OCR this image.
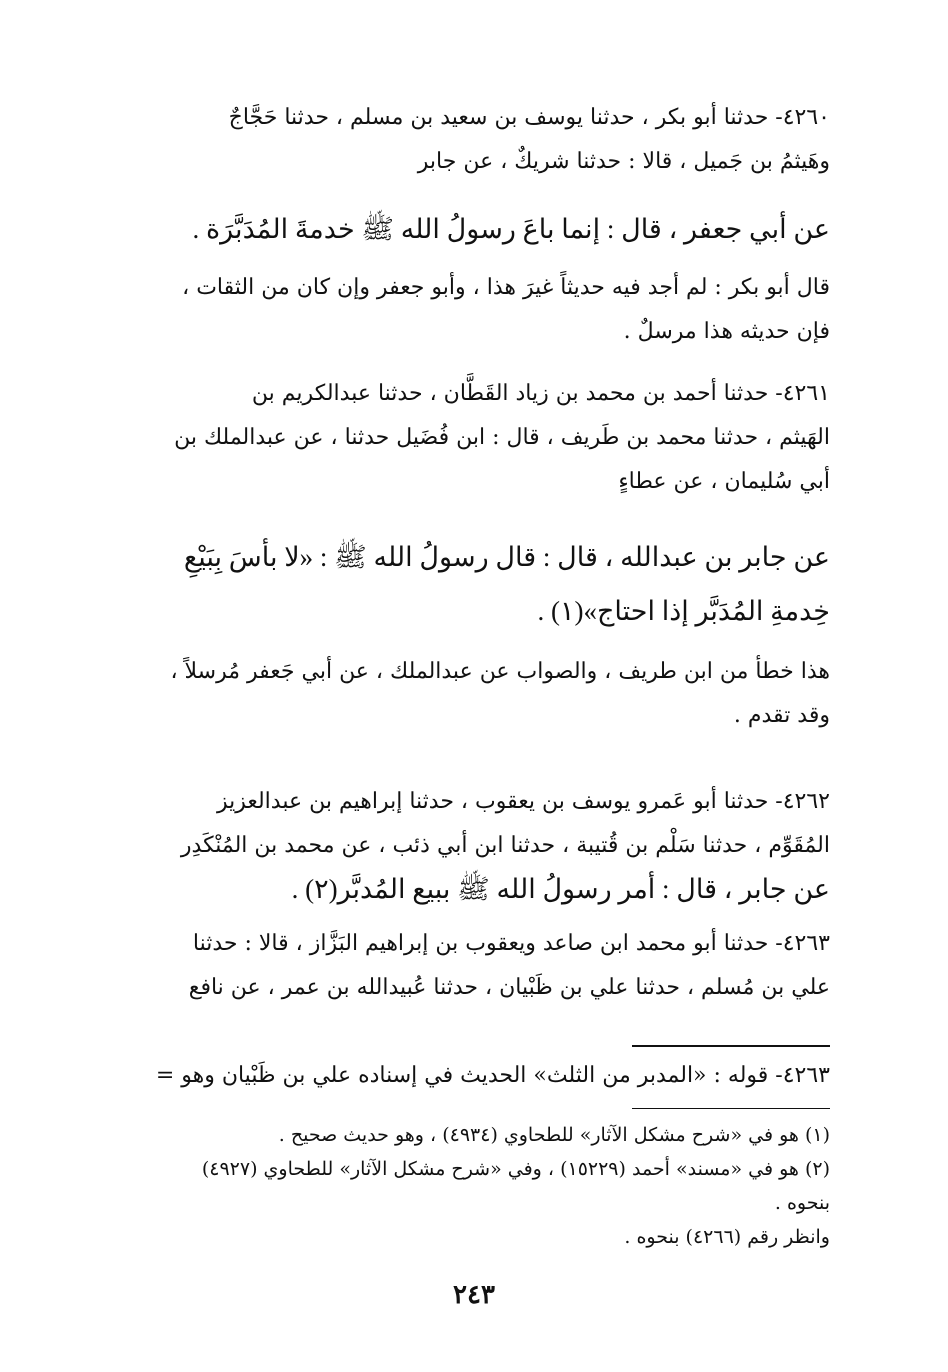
٤٢٦٠- حدثنا أبو بكر ، حدثنا يوسف بن سعيد بن مسلم ، حدثنا حَجَّاجٌ
وهَيثمُ بن جَميل ، قالا : حدثنا شريكٌ ، عن جابر
عن أبي جعفر ، قال : إنما باعَ رسولُ الله ﷺ خدمةَ المُدَبَّرَة .
قال أبو بكر : لم أجد فيه حديثاً غيرَ هذا ، وأبو جعفر وإن كان من الثقات ،
فإن حديثه هذا مرسلٌ .
٤٢٦١- حدثنا أحمد بن محمد بن زياد القَطَّان ، حدثنا عبدالكريم بن
الهَيثم ، حدثنا محمد بن طَريف ، قال : ابن فُضَيل حدثنا ، عن عبدالملك بن
أبي سُليمان ، عن عطاءٍ
عن جابر بن عبدالله ، قال : قال رسولُ الله ﷺ : «لا بأسَ بِبَيْعِ
خِدمةِ المُدَبَّر إذا احتاج»(١) .
هذا خطأ من ابن طريف ، والصواب عن عبدالملك ، عن أبي جَعفر مُرسلاً ،
وقد تقدم .
٤٢٦٢- حدثنا أبو عَمرو يوسف بن يعقوب ، حدثنا إبراهيم بن عبدالعزيز
المُقَوِّم ، حدثنا سَلْم بن قُتيبة ، حدثنا ابن أبي ذئب ، عن محمد بن المُنْكَدِر
عن جابر ، قال : أمر رسولُ الله ﷺ ببيع المُدبَّر(٢) .
٤٢٦٣- حدثنا أبو محمد ابن صاعد ويعقوب بن إبراهيم البَزَّاز ، قالا : حدثنا
علي بن مُسلم ، حدثنا علي بن ظَبْيان ، حدثنا عُبيدالله بن عمر ، عن نافع
٤٢٦٣- قوله : «المدبر من الثلث» الحديث في إسناده علي بن ظَبْيان وهو =
(١) هو في «شرح مشكل الآثار» للطحاوي (٤٩٣٤) ، وهو حديث صحيح .
(٢) هو في «مسند» أحمد (١٥٢٢٩) ، وفي «شرح مشكل الآثار» للطحاوي (٤٩٢٧)
بنحوه .
وانظر رقم (٤٢٦٦) بنحوه .
٢٤٣
